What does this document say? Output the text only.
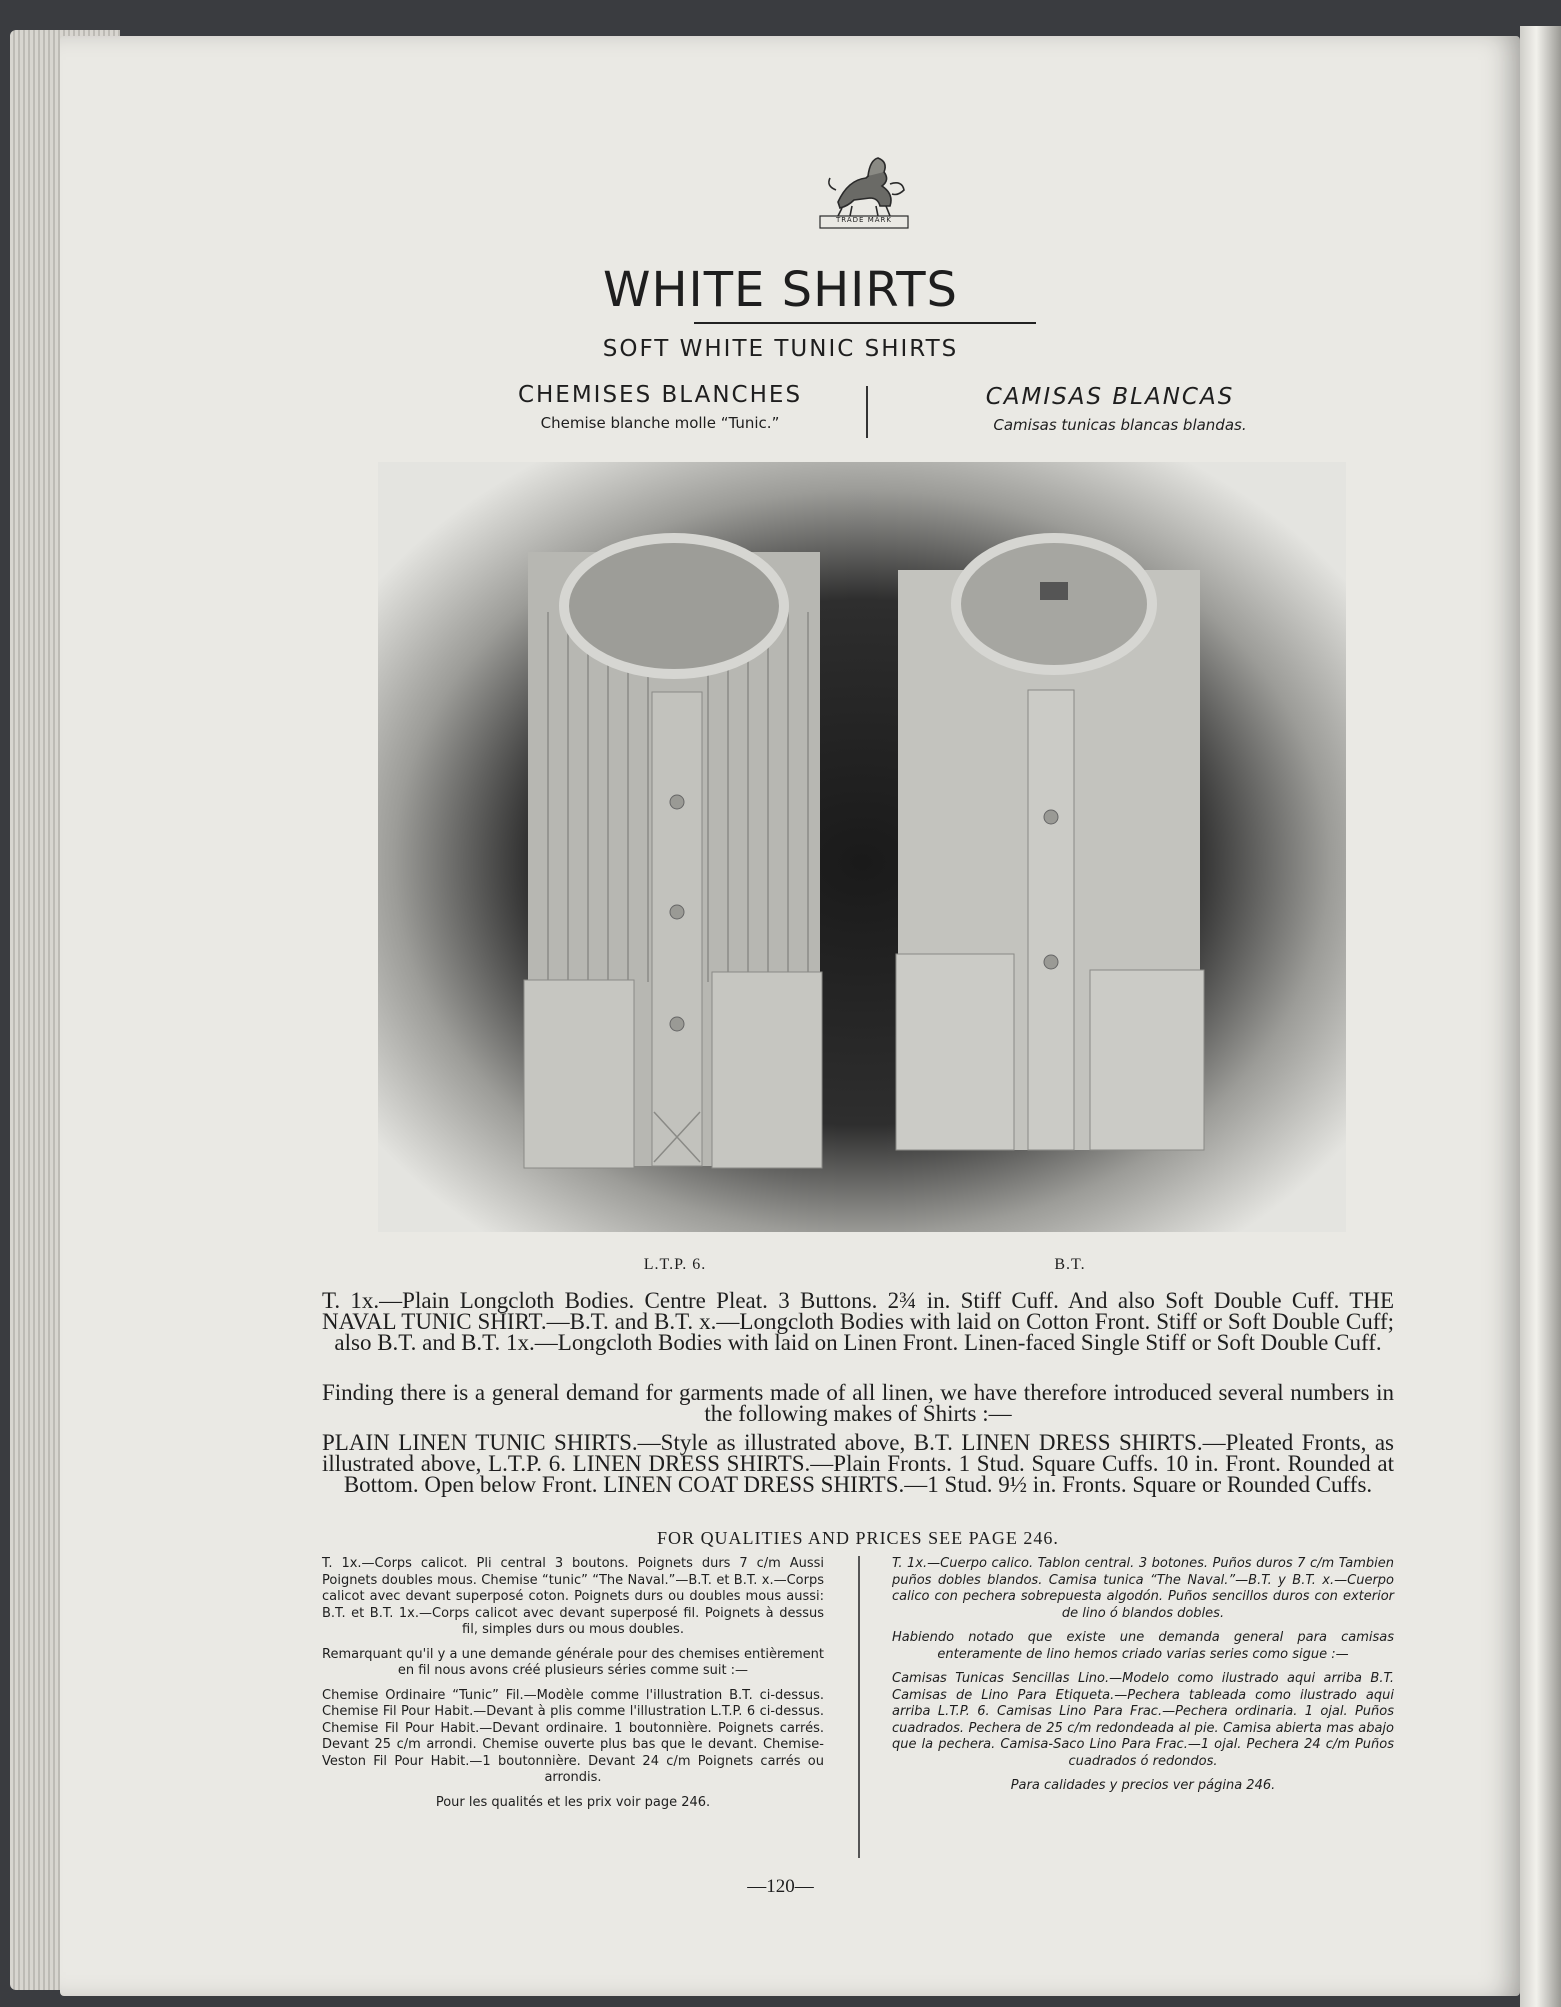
TRADE MARK
WHITE SHIRTS
SOFT WHITE TUNIC SHIRTS
CHEMISES BLANCHES
Chemise blanche molle “Tunic.”
CAMISAS BLANCAS
Camisas tunicas blancas blandas.
L.T.P. 6.	B.T.
T. 1x.—Plain Longcloth Bodies. Centre Pleat. 3 Buttons. 2¾ in. Stiff Cuff. And also Soft Double Cuff. THE NAVAL TUNIC SHIRT.—B.T. and B.T. x.—Longcloth Bodies with laid on Cotton Front. Stiff or Soft Double Cuff; also B.T. and B.T. 1x.—Longcloth Bodies with laid on Linen Front. Linen-faced Single Stiff or Soft Double Cuff.
Finding there is a general demand for garments made of all linen, we have therefore introduced several numbers in the following makes of Shirts :—
PLAIN LINEN TUNIC SHIRTS.—Style as illustrated above, B.T. LINEN DRESS SHIRTS.—Pleated Fronts, as illustrated above, L.T.P. 6. LINEN DRESS SHIRTS.—Plain Fronts. 1 Stud. Square Cuffs. 10 in. Front. Rounded at Bottom. Open below Front. LINEN COAT DRESS SHIRTS.—1 Stud. 9½ in. Fronts. Square or Rounded Cuffs.
FOR QUALITIES AND PRICES SEE PAGE 246.

T. 1x.—Corps calicot. Pli central 3 boutons. Poignets durs 7 c/m Aussi Poignets doubles mous. Chemise “tunic” “The Naval.”—B.T. et B.T. x.—Corps calicot avec devant superposé coton. Poignets durs ou doubles mous aussi: B.T. et B.T. 1x.—Corps calicot avec devant superposé fil. Poignets à dessus fil, simples durs ou mous doubles.

Remarquant qu'il y a une demande générale pour des chemises entièrement en fil nous avons créé plusieurs séries comme suit :—

Chemise Ordinaire “Tunic” Fil.—Modèle comme l'illustration B.T. ci-dessus. Chemise Fil Pour Habit.—Devant à plis comme l'illustration L.T.P. 6 ci-dessus. Chemise Fil Pour Habit.—Devant ordinaire. 1 boutonnière. Poignets carrés. Devant 25 c/m arrondi. Chemise ouverte plus bas que le devant. Chemise-Veston Fil Pour Habit.—1 boutonnière. Devant 24 c/m Poignets carrés ou arrondis.

Pour les qualités et les prix voir page 246.

T. 1x.—Cuerpo calico. Tablon central. 3 botones. Puños duros 7 c/m Tambien puños dobles blandos. Camisa tunica “The Naval.”—B.T. y B.T. x.—Cuerpo calico con pechera sobrepuesta algodón. Puños sencillos duros con exterior de lino ó blandos dobles.

Habiendo notado que existe une demanda general para camisas enteramente de lino hemos criado varias series como sigue :—

Camisas Tunicas Sencillas Lino.—Modelo como ilustrado aqui arriba B.T. Camisas de Lino Para Etiqueta.—Pechera tableada como ilustrado aqui arriba L.T.P. 6. Camisas Lino Para Frac.—Pechera ordinaria. 1 ojal. Puños cuadrados. Pechera de 25 c/m redondeada al pie. Camisa abierta mas abajo que la pechera. Camisa-Saco Lino Para Frac.—1 ojal. Pechera 24 c/m Puños cuadrados ó redondos.

Para calidades y precios ver página 246.

—120—
